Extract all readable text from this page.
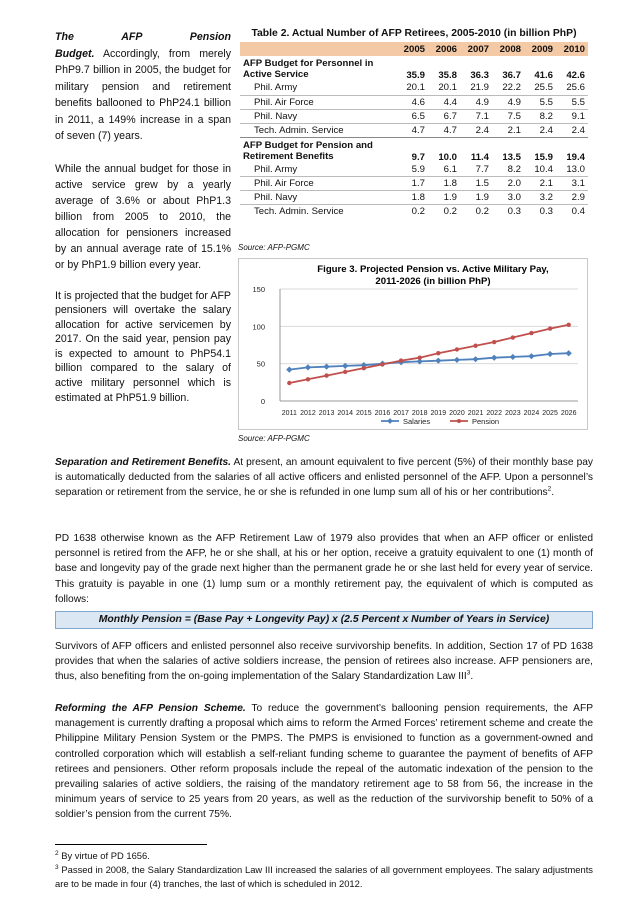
The AFP Pension Budget. Accordingly, from merely PhP9.7 billion in 2005, the budget for military pension and retirement benefits ballooned to PhP24.1 billion in 2011, a 149% increase in a span of seven (7) years.

While the annual budget for those in active service grew by a yearly average of 3.6% or about PhP1.3 billion from 2005 to 2010, the allocation for pensioners increased by an annual average rate of 15.1% or by PhP1.9 billion every year.

It is projected that the budget for AFP pensioners will overtake the salary allocation for active servicemen by 2017. On the said year, pension pay is expected to amount to PhP54.1 billion compared to the salary of active military personnel which is estimated at PhP51.9 billion.

Table 2. Actual Number of AFP Retirees, 2005-2010 (in billion PhP)
	2005	2006	2007	2008	2009	2010
AFP Budget for Personnel in Active Service	35.9	35.8	36.3	36.7	41.6	42.6
Phil. Army	20.1	20.1	21.9	22.2	25.5	25.6
Phil. Air Force	4.6	4.4	4.9	4.9	5.5	5.5
Phil. Navy	6.5	6.7	7.1	7.5	8.2	9.1
Tech. Admin. Service	4.7	4.7	2.4	2.1	2.4	2.4
AFP Budget for Pension and Retirement Benefits	9.7	10.0	11.4	13.5	15.9	19.4
Phil. Army	5.9	6.1	7.7	8.2	10.4	13.0
Phil. Air Force	1.7	1.8	1.5	2.0	2.1	3.1
Phil. Navy	1.8	1.9	1.9	3.0	3.2	2.9
Tech. Admin. Service	0.2	0.2	0.2	0.3	0.3	0.4
Source: AFP-PGMC
Figure 3. Projected Pension vs. Active Military Pay,
2011-2026 (in billion PhP)
0
50
100
150
2011 2012 2013 2014 2015 2016 2017 2018 2019 2020 2021 2022 2023 2024 2025 2026
Salaries	Pension
Source: AFP-PGMC

Separation and Retirement Benefits. At present, an amount equivalent to five percent (5%) of their monthly base pay is automatically deducted from the salaries of all active officers and enlisted personnel of the AFP. Upon a personnel’s separation or retirement from the service, he or she is refunded in one lump sum all of his or her contributions$^2$.

PD 1638 otherwise known as the AFP Retirement Law of 1979 also provides that when an AFP officer or enlisted personnel is retired from the AFP, he or she shall, at his or her option, receive a gratuity equivalent to one (1) month of base and longevity pay of the grade next higher than the permanent grade he or she last held for every year of service. This gratuity is payable in one (1) lump sum or a monthly retirement pay, the equivalent of which is computed as follows:

Monthly Pension = (Base Pay + Longevity Pay) x (2.5 Percent x Number of Years in Service)

Survivors of AFP officers and enlisted personnel also receive survivorship benefits. In addition, Section 17 of PD 1638 provides that when the salaries of active soldiers increase, the pension of retirees also increase. AFP pensioners are, thus, also benefiting from the on-going implementation of the Salary Standardization Law III$^3$.

Reforming the AFP Pension Scheme. To reduce the government’s ballooning pension requirements, the AFP management is currently drafting a proposal which aims to reform the Armed Forces’ retirement scheme and create the Philippine Military Pension System or the PMPS. The PMPS is envisioned to function as a government-owned and controlled corporation which will establish a self-reliant funding scheme to guarantee the payment of benefits of AFP retirees and pensioners. Other reform proposals include the repeal of the automatic indexation of the pension to the prevailing salaries of active soldiers, the raising of the mandatory retirement age to 58 from 56, the increase in the minimum years of service to 25 years from 20 years, as well as the reduction of the survivorship benefit to 50% of a soldier’s pension from the current 75%.

$^2$ By virtue of PD 1656.

$^3$ Passed in 2008, the Salary Standardization Law III increased the salaries of all government employees. The salary adjustments are to be made in four (4) tranches, the last of which is scheduled in 2012.
